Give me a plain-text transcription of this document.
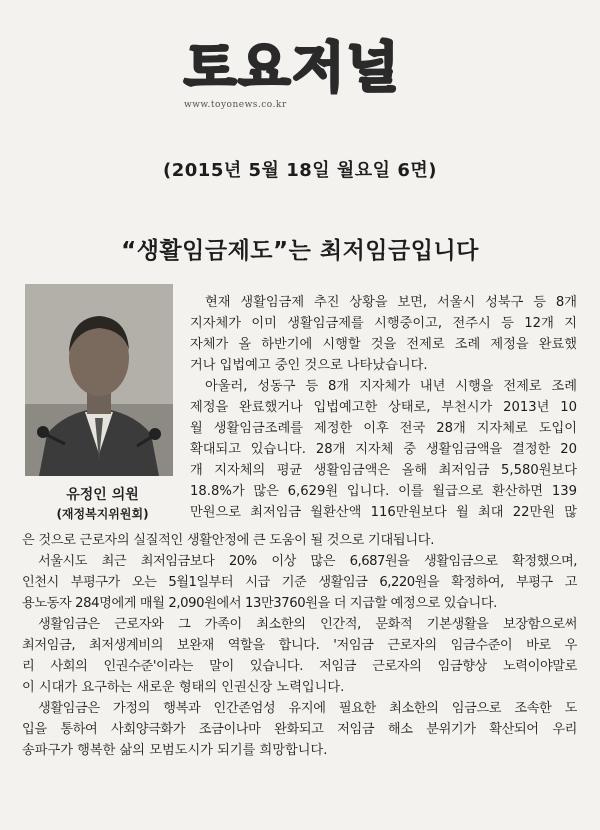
토요저널
www.toyonews.co.kr
(2015년 5월 18일 월요일 6면)
“생활임금제도”는 최저임금입니다
유정인 의원
(재정복지위원회)
현재 생활임금제 추진 상황을 보면, 서울시 성북구 등 8개
지자체가 이미 생활임금제를 시행중이고, 전주시 등 12개 지
자체가 올 하반기에 시행할 것을 전제로 조례 제정을 완료했
거나 입법예고 중인 것으로 나타났습니다.
아울러, 성동구 등 8개 지자체가 내년 시행을 전제로 조례
제정을 완료했거나 입법예고한 상태로, 부천시가 2013년 10
월 생활임금조례를 제정한 이후 전국 28개 지자체로 도입이
확대되고 있습니다. 28개 지자체 중 생활임금액을 결정한 20
개 지자체의 평균 생활임금액은 올해 최저임금 5,580원보다
18.8%가 많은 6,629원 입니다. 이를 월급으로 환산하면 139
만원으로 최저임금 월환산액 116만원보다 월 최대 22만원 많
은 것으로 근로자의 실질적인 생활안정에 큰 도움이 될 것으로 기대됩니다.
서울시도 최근 최저임금보다 20% 이상 많은 6,687원을 생활임금으로 확정했으며,
인천시 부평구가 오는 5월1일부터 시급 기준 생활임금 6,220원을 확정하여, 부평구 고
용노동자 284명에게 매월 2,090원에서 13만3760원을 더 지급할 예정으로 있습니다.
생활임금은 근로자와 그 가족이 최소한의 인간적, 문화적 기본생활을 보장함으로써
최저임금, 최저생계비의 보완재 역할을 합니다. '저임금 근로자의 임금수준이 바로 우
리 사회의 인권수준'이라는 말이 있습니다. 저임금 근로자의 임금향상 노력이야말로
이 시대가 요구하는 새로운 형태의 인권신장 노력입니다.
생활임금은 가정의 행복과 인간존엄성 유지에 필요한 최소한의 임금으로 조속한 도
입을 통하여 사회양극화가 조금이나마 완화되고 저임금 해소 분위기가 확산되어 우리
송파구가 행복한 삶의 모범도시가 되기를 희망합니다.
